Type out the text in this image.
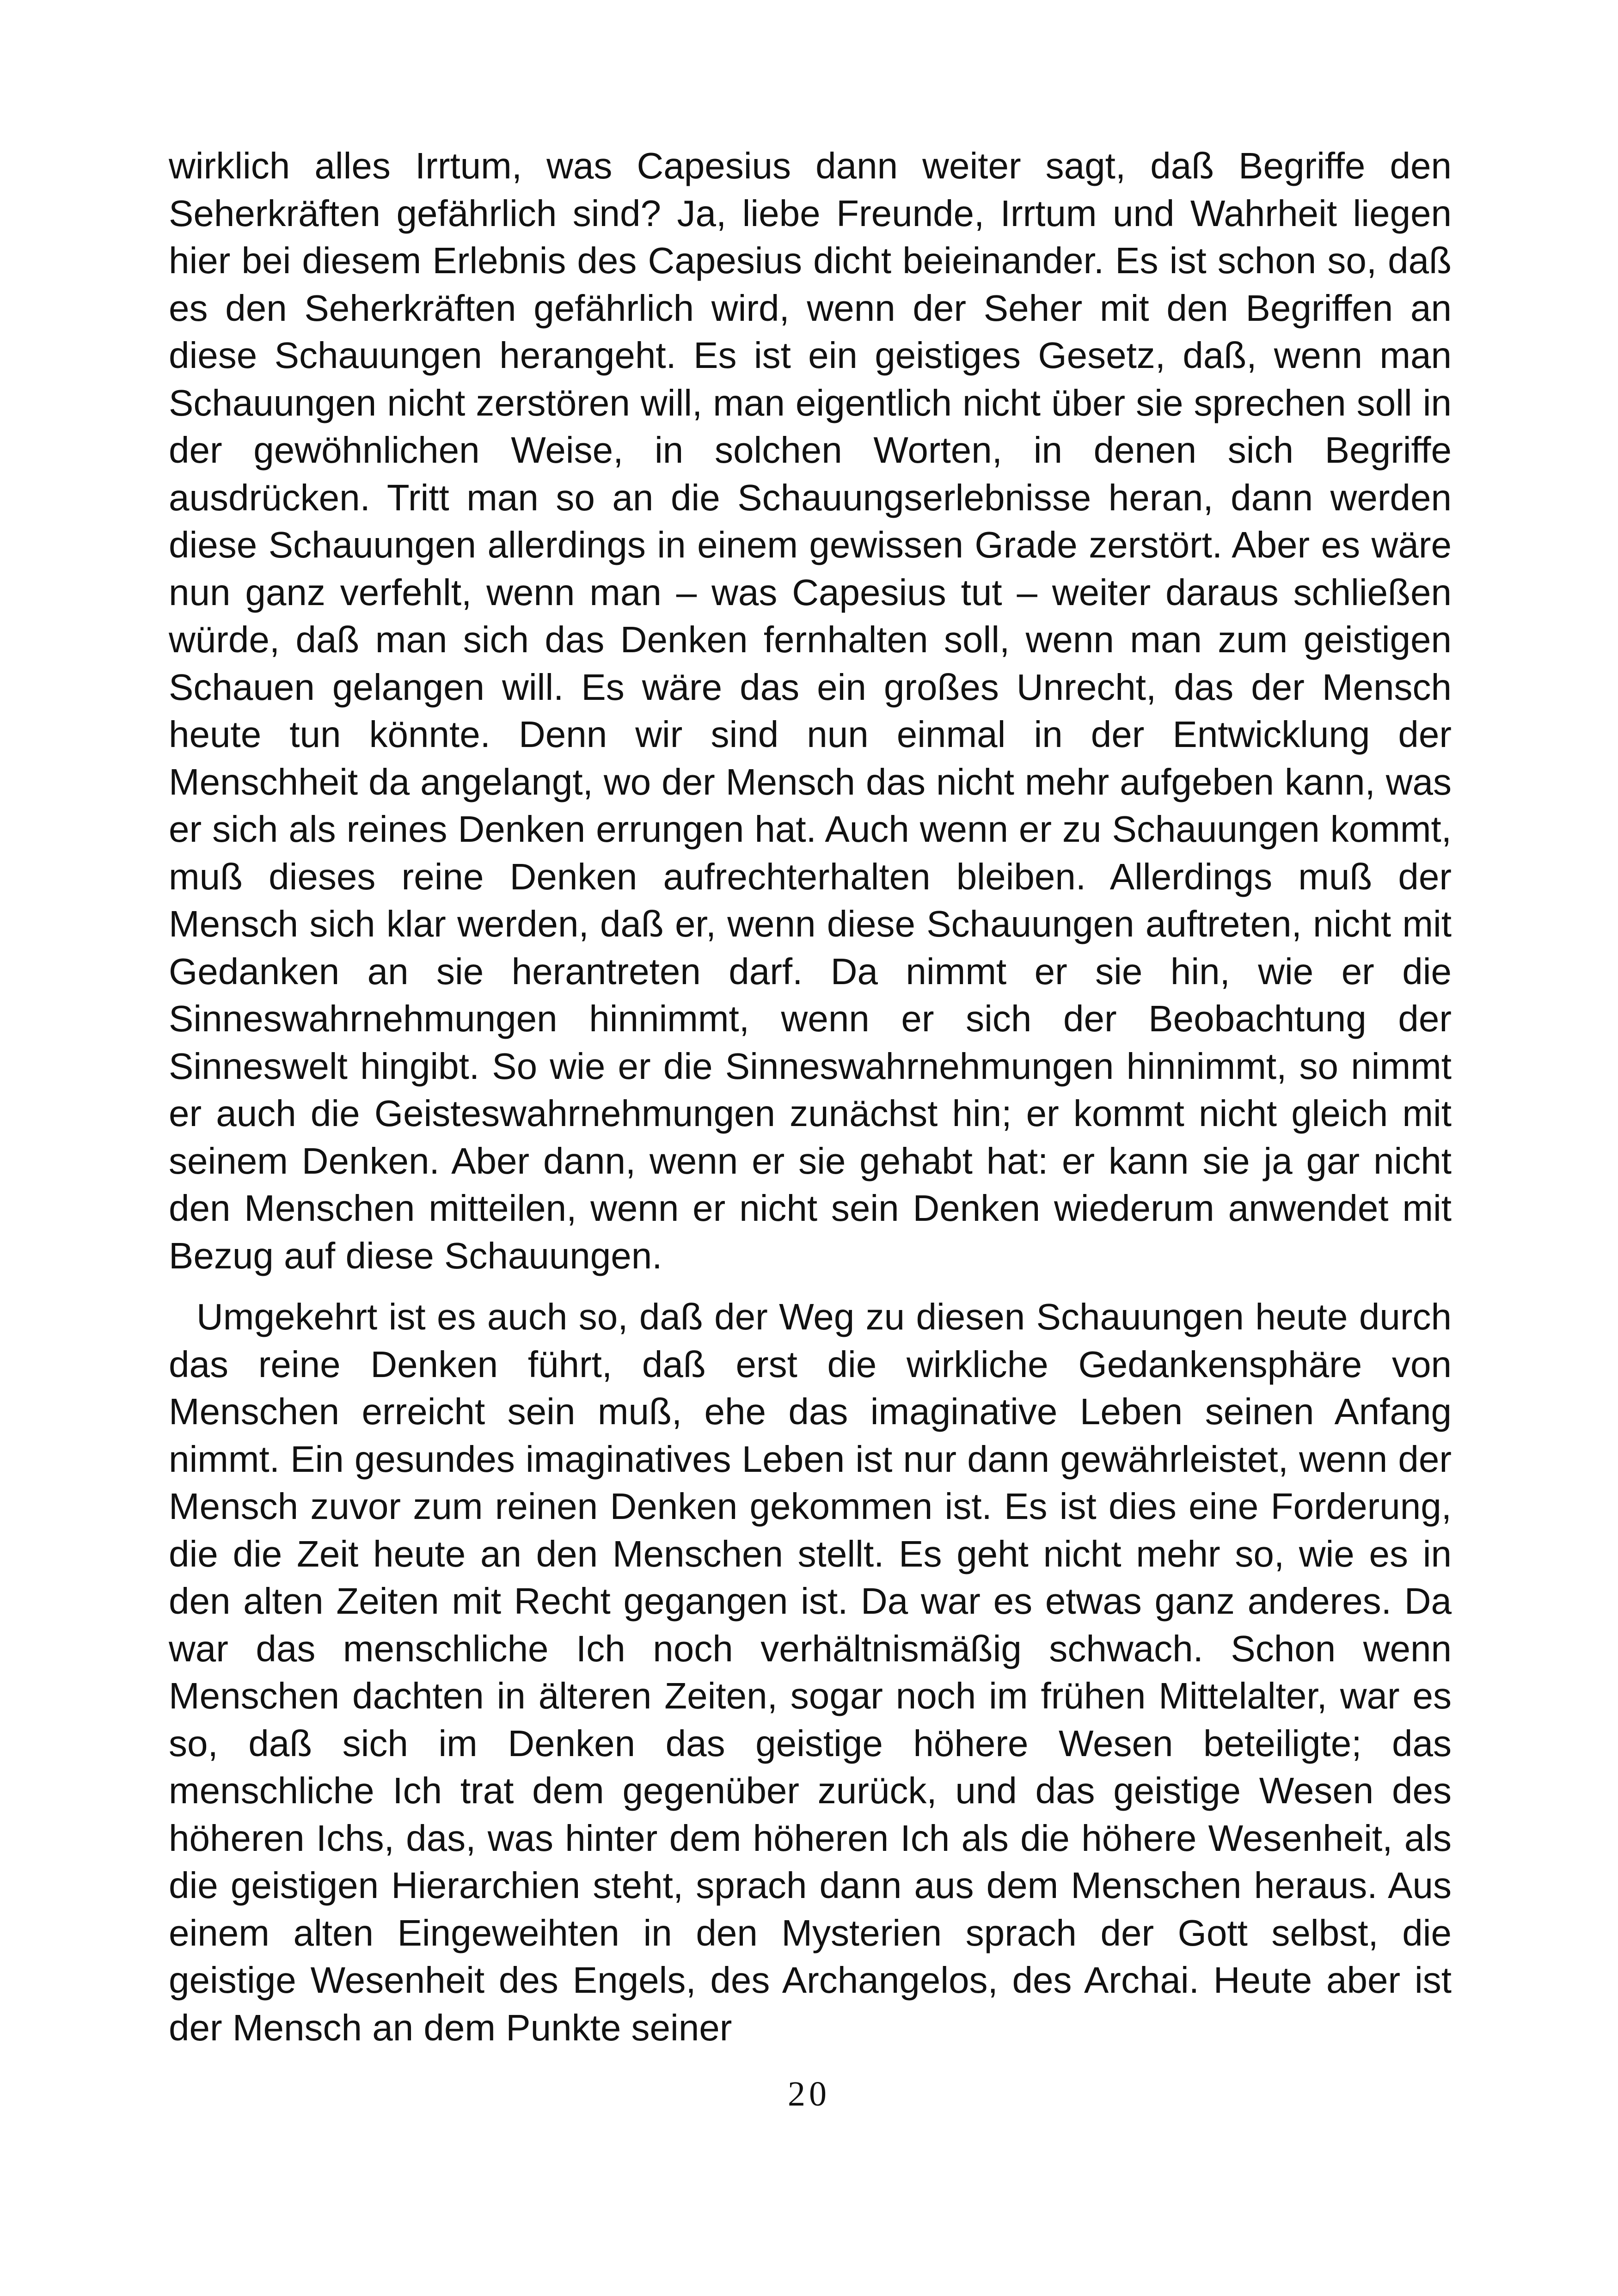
wirklich alles Irrtum, was Capesius dann weiter sagt, daß Begriffe den Seherkräften gefährlich sind? Ja, liebe Freunde, Irrtum und Wahrheit liegen hier bei diesem Erlebnis des Capesius dicht beieinander. Es ist schon so, daß es den Seherkräften gefährlich wird, wenn der Seher mit den Begriffen an diese Schauungen herangeht. Es ist ein geistiges Gesetz, daß, wenn man Schauungen nicht zerstören will, man eigentlich nicht über sie sprechen soll in der gewöhnlichen Weise, in solchen Worten, in denen sich Begriffe ausdrücken. Tritt man so an die Schauungserlebnisse heran, dann werden diese Schauungen allerdings in einem gewissen Grade zerstört. Aber es wäre nun ganz verfehlt, wenn man – was Capesius tut – weiter daraus schließen würde, daß man sich das Denken fernhalten soll, wenn man zum geistigen Schauen gelangen will. Es wäre das ein großes Unrecht, das der Mensch heute tun könnte. Denn wir sind nun einmal in der Entwicklung der Menschheit da angelangt, wo der Mensch das nicht mehr aufgeben kann, was er sich als reines Denken errungen hat. Auch wenn er zu Schauungen kommt, muß dieses reine Denken aufrechterhalten bleiben. Allerdings muß der Mensch sich klar werden, daß er, wenn diese Schauungen auftreten, nicht mit Gedanken an sie herantreten darf. Da nimmt er sie hin, wie er die Sinneswahrnehmungen hinnimmt, wenn er sich der Beobachtung der Sinneswelt hingibt. So wie er die Sinneswahrnehmungen hinnimmt, so nimmt er auch die Geisteswahrnehmungen zunächst hin; er kommt nicht gleich mit seinem Denken. Aber dann, wenn er sie gehabt hat: er kann sie ja gar nicht den Menschen mitteilen, wenn er nicht sein Denken wiederum anwendet mit Bezug auf diese Schauungen.

Umgekehrt ist es auch so, daß der Weg zu diesen Schauungen heute durch das reine Denken führt, daß erst die wirkliche Gedankensphäre von Menschen erreicht sein muß, ehe das imaginative Leben seinen Anfang nimmt. Ein gesundes imaginatives Leben ist nur dann gewährleistet, wenn der Mensch zuvor zum reinen Denken gekommen ist. Es ist dies eine Forderung, die die Zeit heute an den Menschen stellt. Es geht nicht mehr so, wie es in den alten Zeiten mit Recht gegangen ist. Da war es etwas ganz anderes. Da war das menschliche Ich noch verhältnismäßig schwach. Schon wenn Menschen dachten in älteren Zeiten, sogar noch im frühen Mittelalter, war es so, daß sich im Denken das geistige höhere Wesen beteiligte; das menschliche Ich trat dem gegenüber zurück, und das geistige Wesen des höheren Ichs, das, was hinter dem höheren Ich als die höhere Wesenheit, als die geistigen Hierarchien steht, sprach dann aus dem Menschen heraus. Aus einem alten Eingeweihten in den Mysterien sprach der Gott selbst, die geistige Wesenheit des Engels, des Archangelos, des Archai. Heute aber ist der Mensch an dem Punkte seiner

20
